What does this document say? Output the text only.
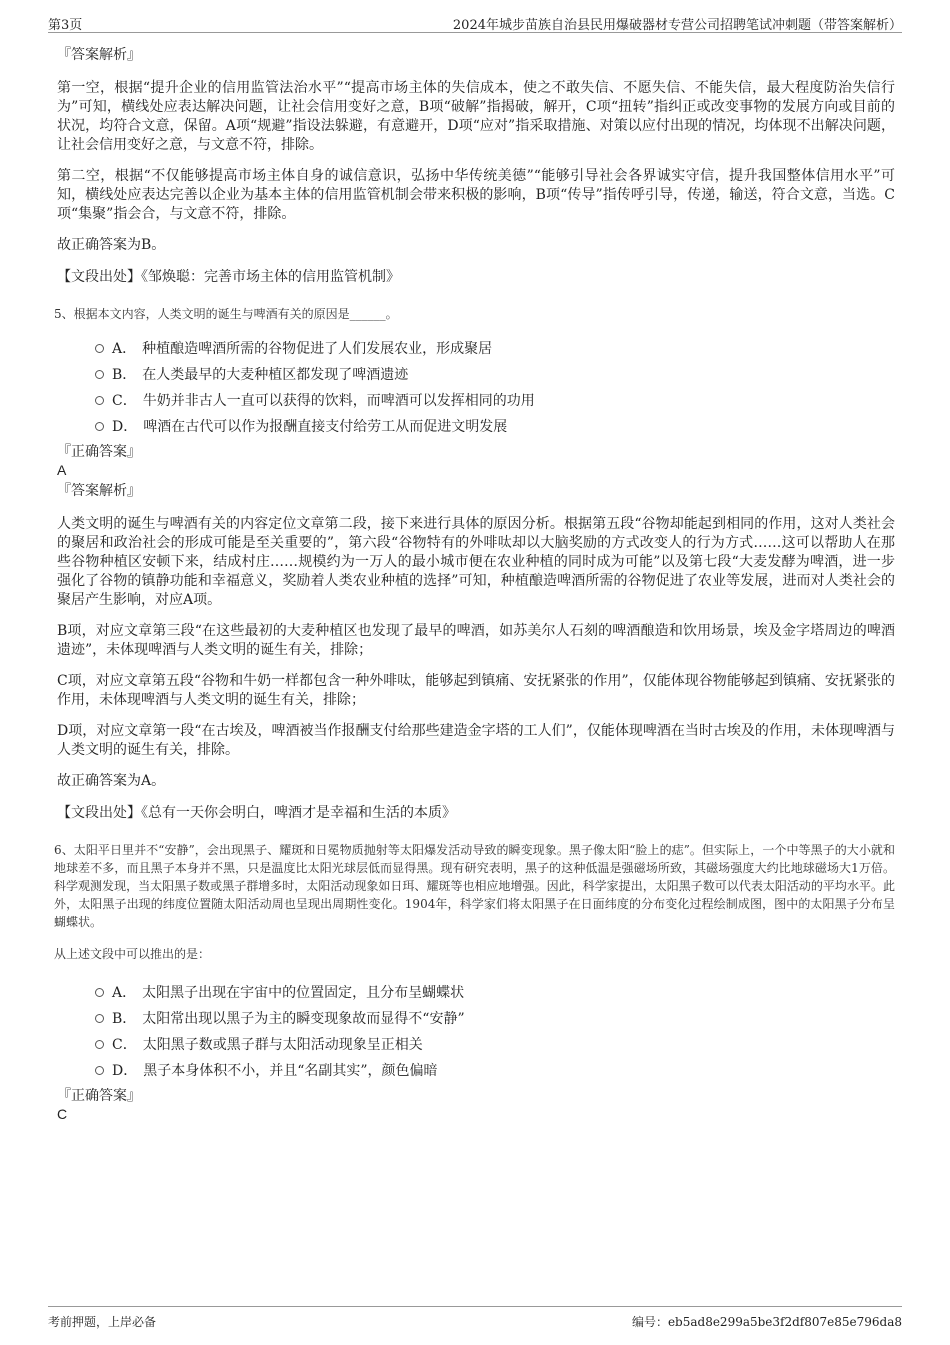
第3页	2024年城步苗族自治县民用爆破器材专营公司招聘笔试冲刺题（带答案解析）
『答案解析』

第一空，根据“提升企业的信用监管法治水平”“提高市场主体的失信成本，使之不敢失信、不愿失信、不能失信，最大程度防治失信行为”可知，横线处应表达解决问题，让社会信用变好之意，B项“破解”指揭破，解开，C项“扭转”指纠正或改变事物的发展方向或目前的状况，均符合文意，保留。A项“规避”指设法躲避，有意避开，D项“应对”指采取措施、对策以应付出现的情况，均体现不出解决问题，让社会信用变好之意，与文意不符，排除。

第二空，根据“不仅能够提高市场主体自身的诚信意识，弘扬中华传统美德”“能够引导社会各界诚实守信，提升我国整体信用水平”可知，横线处应表达完善以企业为基本主体的信用监管机制会带来积极的影响，B项“传导”指传呼引导，传递，输送，符合文意，当选。C项“集聚”指会合，与文意不符，排除。

故正确答案为B。

【文段出处】《邹焕聪：完善市场主体的信用监管机制》

5、根据本文内容，人类文明的诞生与啤酒有关的原因是______。

A． 种植酿造啤酒所需的谷物促进了人们发展农业，形成聚居
B． 在人类最早的大麦种植区都发现了啤酒遗迹
C． 牛奶并非古人一直可以获得的饮料，而啤酒可以发挥相同的功用
D． 啤酒在古代可以作为报酬直接支付给劳工从而促进文明发展
『正确答案』
A
『答案解析』

人类文明的诞生与啤酒有关的内容定位文章第二段，接下来进行具体的原因分析。根据第五段“谷物却能起到相同的作用，这对人类社会的聚居和政治社会的形成可能是至关重要的”，第六段“谷物特有的外啡呔却以大脑奖励的方式改变人的行为方式……这可以帮助人在那些谷物种植区安顿下来，结成村庄……规模约为一万人的最小城市便在农业种植的同时成为可能”以及第七段“大麦发酵为啤酒，进一步强化了谷物的镇静功能和幸福意义，奖励着人类农业种植的选择”可知，种植酿造啤酒所需的谷物促进了农业等发展，进而对人类社会的聚居产生影响，对应A项。

B项，对应文章第三段“在这些最初的大麦种植区也发现了最早的啤酒，如苏美尔人石刻的啤酒酿造和饮用场景，埃及金字塔周边的啤酒遗迹”，未体现啤酒与人类文明的诞生有关，排除；

C项，对应文章第五段“谷物和牛奶一样都包含一种外啡呔，能够起到镇痛、安抚紧张的作用”，仅能体现谷物能够起到镇痛、安抚紧张的作用，未体现啤酒与人类文明的诞生有关，排除；

D项，对应文章第一段“在古埃及，啤酒被当作报酬支付给那些建造金字塔的工人们”，仅能体现啤酒在当时古埃及的作用，未体现啤酒与人类文明的诞生有关，排除。

故正确答案为A。

【文段出处】《总有一天你会明白，啤酒才是幸福和生活的本质》

6、太阳平日里并不“安静”，会出现黑子、耀斑和日冕物质抛射等太阳爆发活动导致的瞬变现象。黑子像太阳“脸上的痣”。但实际上，一个中等黑子的大小就和地球差不多，而且黑子本身并不黑，只是温度比太阳光球层低而显得黑。现有研究表明，黑子的这种低温是强磁场所致，其磁场强度大约比地球磁场大1万倍。科学观测发现，当太阳黑子数或黑子群增多时，太阳活动现象如日珥、耀斑等也相应地增强。因此，科学家提出，太阳黑子数可以代表太阳活动的平均水平。此外，太阳黑子出现的纬度位置随太阳活动周也呈现出周期性变化。1904年，科学家们将太阳黑子在日面纬度的分布变化过程绘制成图，图中的太阳黑子分布呈蝴蝶状。

从上述文段中可以推出的是：

A． 太阳黑子出现在宇宙中的位置固定，且分布呈蝴蝶状
B． 太阳常出现以黑子为主的瞬变现象故而显得不“安静”
C． 太阳黑子数或黑子群与太阳活动现象呈正相关
D． 黑子本身体积不小，并且“名副其实”，颜色偏暗
『正确答案』
C
考前押题，上岸必备	编号：eb5ad8e299a5be3f2df807e85e796da8
